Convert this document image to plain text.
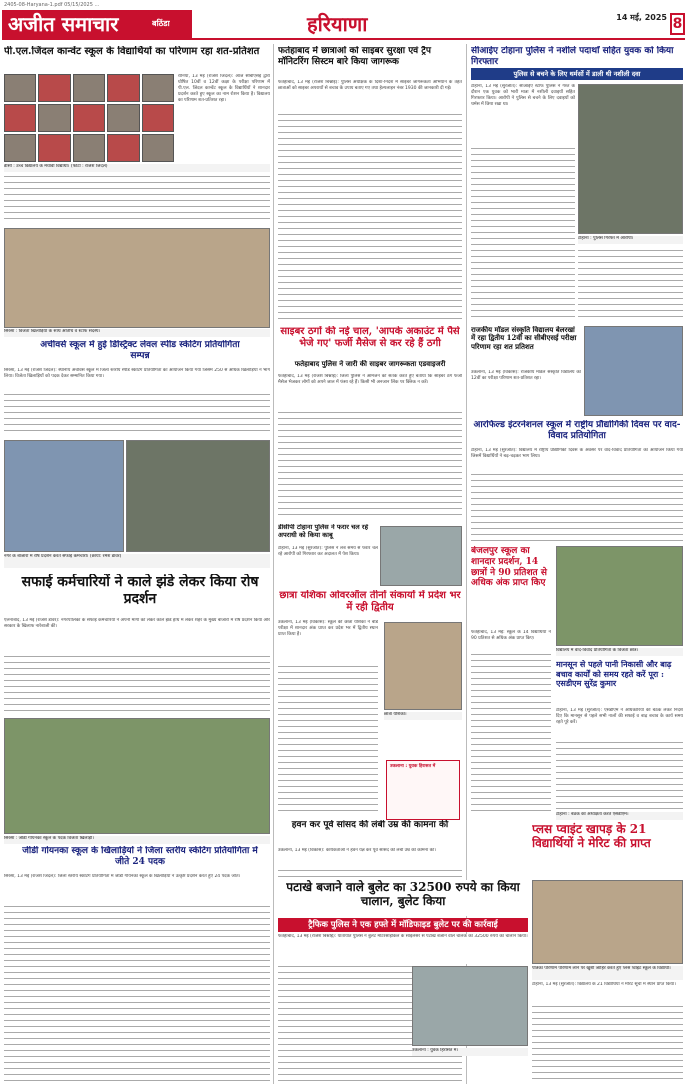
2405-08-Haryana-1.pdf 05/15/2025 ...
अजीत समाचार	बठिंडा	हरियाणा	14 मई, 2025 8
पी.एल.जिंदल कान्वेंट स्कूल के विद्यार्थियों का परिणाम रहा शत-प्रतिशत
रानियां, 13 मई (राजेश जिंदल): आज सीबीएसई द्वारा घोषित 10वीं व 12वीं कक्षा के परीक्षा परिणाम में पी.एल. जिंदल कान्वेंट स्कूल के विद्यार्थियों ने शानदार प्रदर्शन करते हुए स्कूल का नाम रोशन किया है। विद्यालय का परिणाम शत-प्रतिशत रहा।
डीसी : उच्च विद्यालय के मेधावी विद्यार्थी। (फोटो : राजेश जिंदल)
सिरसा : विजेता खिलाड़ियों के साथ अतिथि व स्टाफ सदस्य।
अचीवर्स स्कूल में हुई डिस्ट्रिक्ट लेवल स्पीड स्केटिंग प्रतियोगिता सम्पन्न
सिरसा, 13 मई (राजेश जिंदल): स्थानीय अचीवर्स स्कूल में जिला स्तरीय स्पीड स्केटिंग प्रतियोगिता का आयोजन किया गया जिसमें 250 से अधिक खिलाड़ियों ने भाग लिया। विजेता खिलाड़ियों को पदक देकर सम्मानित किया गया।
नगर के बाजारों में रोष प्रदर्शन करते सफाई कर्मचारी। (छाया: रमेश डावर)
सफाई कर्मचारियों ने काले झंडे लेकर किया रोष प्रदर्शन
ऐलनाबाद, 13 मई (राजेश डावर): नगरपालिका के सफाई कर्मचारियों ने अपनी मांगों को लेकर काले झंडे हाथ में लेकर शहर के मुख्य बाजारों में रोष प्रदर्शन किया और सरकार के खिलाफ नारेबाजी की।
सिरसा : जीडी गोयनका स्कूल के पदक विजेता खिलाड़ी।
जीडी गोयनका स्कूल के खिलाड़ियों ने जिला स्तरीय स्केटिंग प्रतियोगिता में जीते 24 पदक
सिरसा, 13 मई (राजेश जिंदल): जिला स्तरीय स्केटिंग प्रतियोगिता में जीडी गोयनका स्कूल के खिलाड़ियों ने उत्कृष्ट प्रदर्शन करते हुए 24 पदक जीते।
फतेहाबाद में छात्राओं को साइबर सुरक्षा एवं ट्रैप मॉनिटरिंग सिस्टम बारे किया जागरूक
फतेहाबाद, 13 मई (राजेश बिश्नोई): पुलिस अधीक्षक के दिशा-निर्देश में साइबर जागरूकता अभियान के तहत छात्राओं को साइबर अपराधों से बचाव के उपाय बताए गए तथा हेल्पलाइन नंबर 1930 की जानकारी दी गई।
साइबर ठगों की नई चाल, 'आपके अकाउंट में पैसे भेजे गए' फर्जी मैसेज से कर रहे हैं ठगी
फतेहाबाद पुलिस ने जारी की साइबर जागरूकता एडवाइजरी
फतेहाबाद, 13 मई (राजेश बिश्नोई): जिला पुलिस ने आमजन को सतर्क करते हुए बताया कि साइबर ठग फर्जी मैसेज भेजकर लोगों को अपने जाल में फंसा रहे हैं। किसी भी अनजान लिंक पर क्लिक न करें।
डीसीपी टोहाना पुलिस ने फरार चल रहे अपराधी को किया काबू
टोहाना, 13 मई (सुरजीत): पुलिस ने लंबे समय से फरार चल रहे आरोपी को गिरफ्तार कर अदालत में पेश किया।
छात्रा यशिका ओवरऑल तीनों संकायों में प्रदेश भर में रही द्वितीय
उकलाना, 13 मई (विकास): स्कूल की छात्रा यशिका ने बोर्ड परीक्षा में शानदार अंक प्राप्त कर प्रदेश भर में द्वितीय स्थान प्राप्त किया है।
छात्रा यशिका।
उकलाना : युवक हिरासत में
हवन कर पूर्व सांसद की लंबी उम्र की कामना की
उकलाना, 13 मई (विकास): कार्यकर्ताओं ने हवन यज्ञ कर पूर्व सांसद की लंबी उम्र की कामना की।
सीआईए टोहाना पुलिस ने नशीले पदार्थों सहित युवक को किया गिरफ्तार
पुलिस से बचने के लिए थर्मसों में डाली थी नशीली दवा
टोहाना, 13 मई (सुरजीत): सीआईए स्टाफ पुलिस ने गश्त के दौरान एक युवक को भारी मात्रा में नशीली दवाइयों सहित गिरफ्तार किया। आरोपी ने पुलिस से बचने के लिए दवाइयों को थर्मस में छिपा रखा था।
टोहाना : पुलिस गिरफ्त में आरोपी।
राजकीय मॉडल संस्कृति विद्यालय बेलरखां में रहा द्वितीय 12वीं का सीबीएसई परीक्षा परिणाम रहा शत प्रतिशत
उकलाना, 13 मई (विकास): राजकीय मॉडल संस्कृति विद्यालय का 12वीं का परीक्षा परिणाम शत-प्रतिशत रहा।
आरफिल्ड इंटरनेशनल स्कूल में राष्ट्रीय प्रौद्योगिकी दिवस पर वाद-विवाद प्रतियोगिता
टोहाना, 13 मई (सुरजीत): विद्यालय में राष्ट्रीय प्रौद्योगिकी दिवस के अवसर पर वाद-विवाद प्रतियोगिता का आयोजन किया गया जिसमें विद्यार्थियों ने बढ़-चढ़कर भाग लिया।
बेजलपुर स्कूल का शानदार प्रदर्शन, 14 छात्रों ने 90 प्रतिशत से अधिक अंक प्राप्त किए
फतेहाबाद, 13 मई: स्कूल के 14 विद्यार्थियों ने 90 प्रतिशत से अधिक अंक प्राप्त किए।
विद्यालय में वाद-विवाद प्रतियोगिता के विजेता छात्र।
मानसून से पहले पानी निकासी और बाढ़ बचाव कार्यों को समय रहते करें पूरा : एसडीएम सुरेंद्र कुमार
टोहाना, 13 मई (सुरजीत): एसडीएम ने अधिकारियों की बैठक लेकर निर्देश दिए कि मानसून से पहले सभी नालों की सफाई व बाढ़ बचाव के कार्य समय रहते पूरे करें।
टोहाना : बैठक की अध्यक्षता करते एसडीएम।
पटाखे बजाने वाले बुलेट का 32500 रुपये का किया चालान, बुलेट किया
ट्रैफिक पुलिस ने एक हफ्ते में मॉडिफाइड बुलेट पर की कार्रवाई
फतेहाबाद, 13 मई (राजेश बिश्नोई): यातायात पुलिस ने बुलेट मोटरसाइकिल के साइलेंसर से पटाखे बजाने वाले चालक का 32500 रुपये का चालान किया।
उकलाना : युवक हिरासत में।
प्लस प्वाइंट खापड़ के 21 विद्यार्थियों ने मेरिट की प्राप्त
पत्रिका परिणाम परिणाम लाने पर खुशी जाहिर करते हुए प्लस प्वाइंट स्कूल के विद्यार्थी।
टोहाना, 13 मई (सुरजीत): विद्यालय के 21 विद्यार्थियों ने मेरिट सूची में स्थान प्राप्त किया।
